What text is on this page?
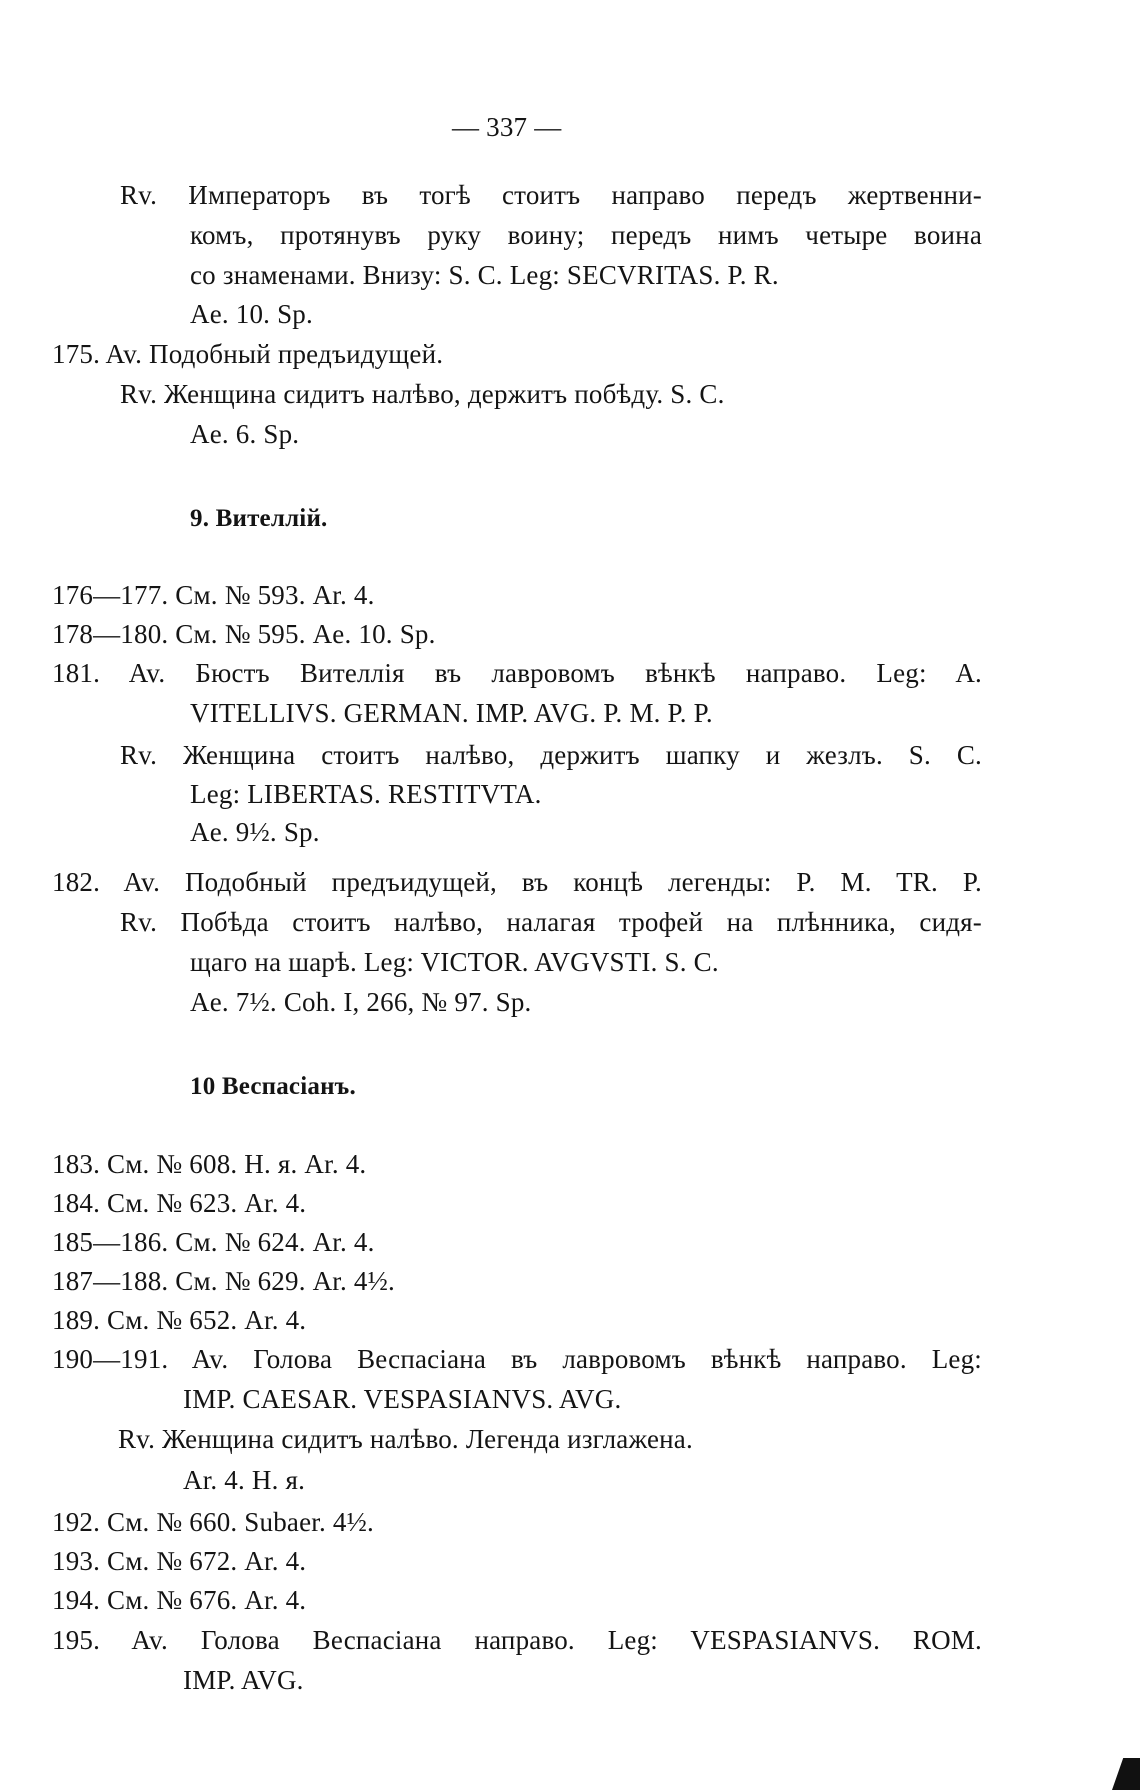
— 337 —
Rv. Императоръ въ тогѣ стоитъ направо передъ жертвенни-
комъ, протянувъ руку воину; передъ нимъ четыре воина
со знаменами. Внизу: S. C. Leg: SECVRITAS. P. R.
Ae. 10. Sp.
175. Av. Подобный предъидущей.
Rv. Женщина сидитъ налѣво, держитъ побѣду. S. C.
Ae. 6. Sp.
9. Вителлій.
176—177. См. № 593. Ar. 4.
178—180. См. № 595. Ae. 10. Sp.
181. Av. Бюстъ Вителлія въ лавровомъ вѣнкѣ направо. Leg: A.
VITELLIVS. GERMAN. IMP. AVG. P. M. P. P.
Rv. Женщина стоитъ налѣво, держитъ шапку и жезлъ. S. C.
Leg: LIBERTAS. RESTITVTA.
Ae. 9½. Sp.
182. Av. Подобный предъидущей, въ концѣ легенды: P. M. TR. P.
Rv. Побѣда стоитъ налѣво, налагая трофей на плѣнника, сидя-
щаго на шарѣ. Leg: VICTOR. AVGVSTI. S. C.
Ae. 7½. Coh. I, 266, № 97. Sp.
10 Веспасіанъ.
183. См. № 608. Н. я. Ar. 4.
184. См. № 623. Ar. 4.
185—186. См. № 624. Ar. 4.
187—188. См. № 629. Ar. 4½.
189. См. № 652. Ar. 4.
190—191. Av. Голова Веспасіана въ лавровомъ вѣнкѣ направо. Leg:
IMP. CAESAR. VESPASIANVS. AVG.
Rv. Женщина сидитъ налѣво. Легенда изглажена.
Ar. 4. Н. я.
192. См. № 660. Subaer. 4½.
193. См. № 672. Ar. 4.
194. См. № 676. Ar. 4.
195. Av. Голова Веспасіана направо. Leg: VESPASIANVS. ROM.
IMP. AVG.
